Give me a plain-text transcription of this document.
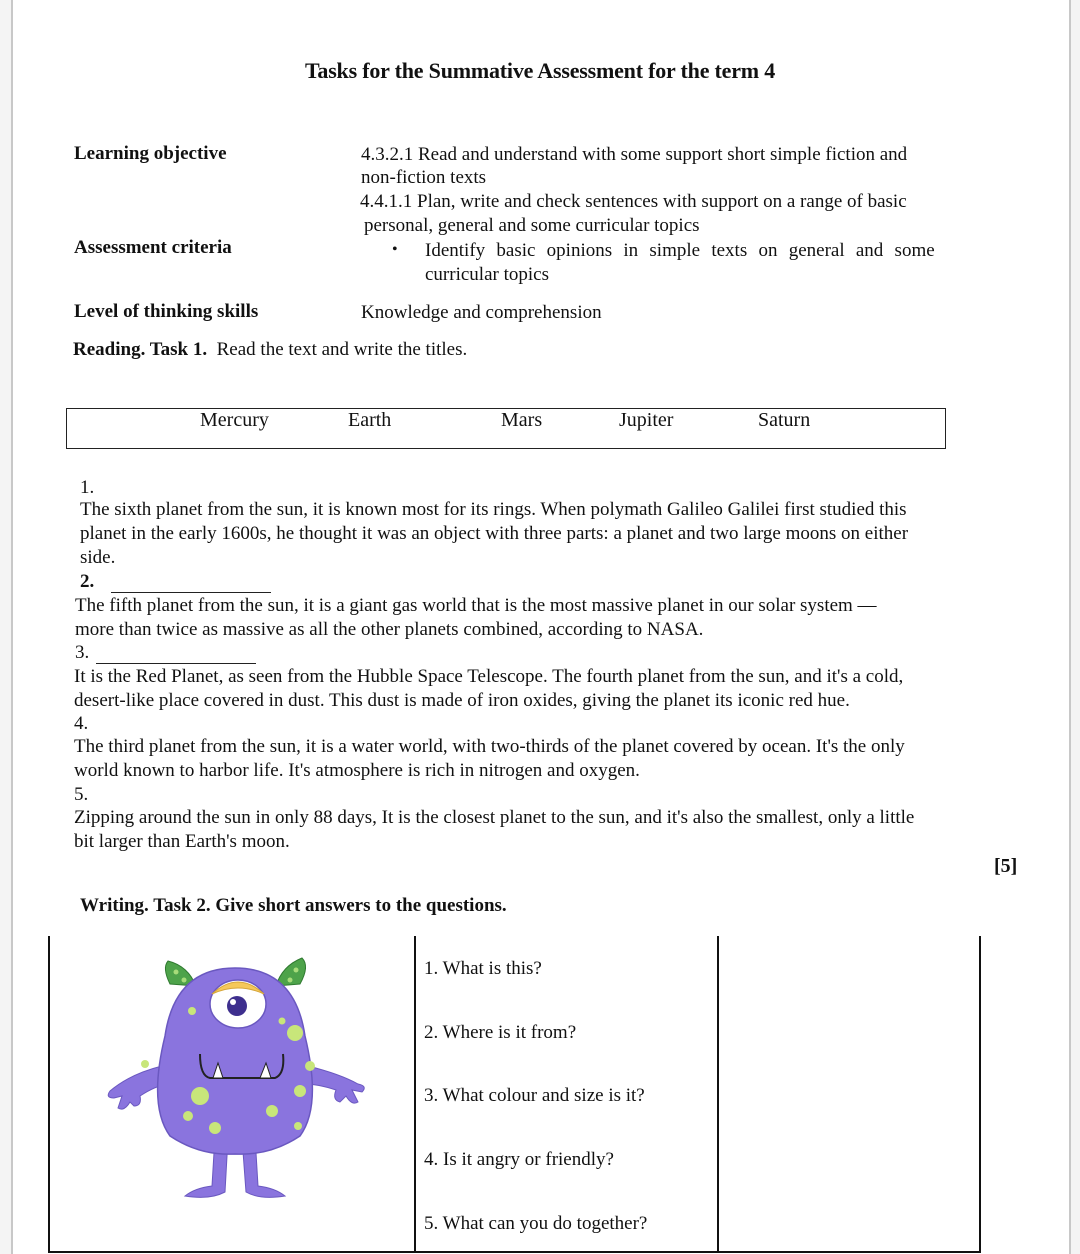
Tasks for the Summative Assessment for the term 4
Learning objective	4.3.2.1 Read and understand with some support short simple fiction and
non-fiction texts
4.4.1.1 Plan, write and check sentences with support on a range of basic
personal, general and some curricular topics
Assessment criteria	• Identify basic opinions in simple texts on general and some
curricular topics
Level of thinking skills	Knowledge and comprehension
Reading. Task 1. Read the text and write the titles.
Mercury	Earth	Mars	Jupiter	Saturn
1.
The sixth planet from the sun, it is known most for its rings. When polymath Galileo Galilei first studied this
planet in the early 1600s, he thought it was an object with three parts: a planet and two large moons on either
side.
2.
The fifth planet from the sun, it is a giant gas world that is the most massive planet in our solar system —
more than twice as massive as all the other planets combined, according to NASA.
3.
It is the Red Planet, as seen from the Hubble Space Telescope. The fourth planet from the sun, and it's a cold,
desert-like place covered in dust. This dust is made of iron oxides, giving the planet its iconic red hue.
4.
The third planet from the sun, it is a water world, with two-thirds of the planet covered by ocean. It's the only
world known to harbor life. It's atmosphere is rich in nitrogen and oxygen.
5.
Zipping around the sun in only 88 days, It is the closest planet to the sun, and it's also the smallest, only a little
bit larger than Earth's moon.
[5]
Writing. Task 2. Give short answers to the questions.
1. What is this?
2. Where is it from?
3. What colour and size is it?
4. Is it angry or friendly?
5. What can you do together?
